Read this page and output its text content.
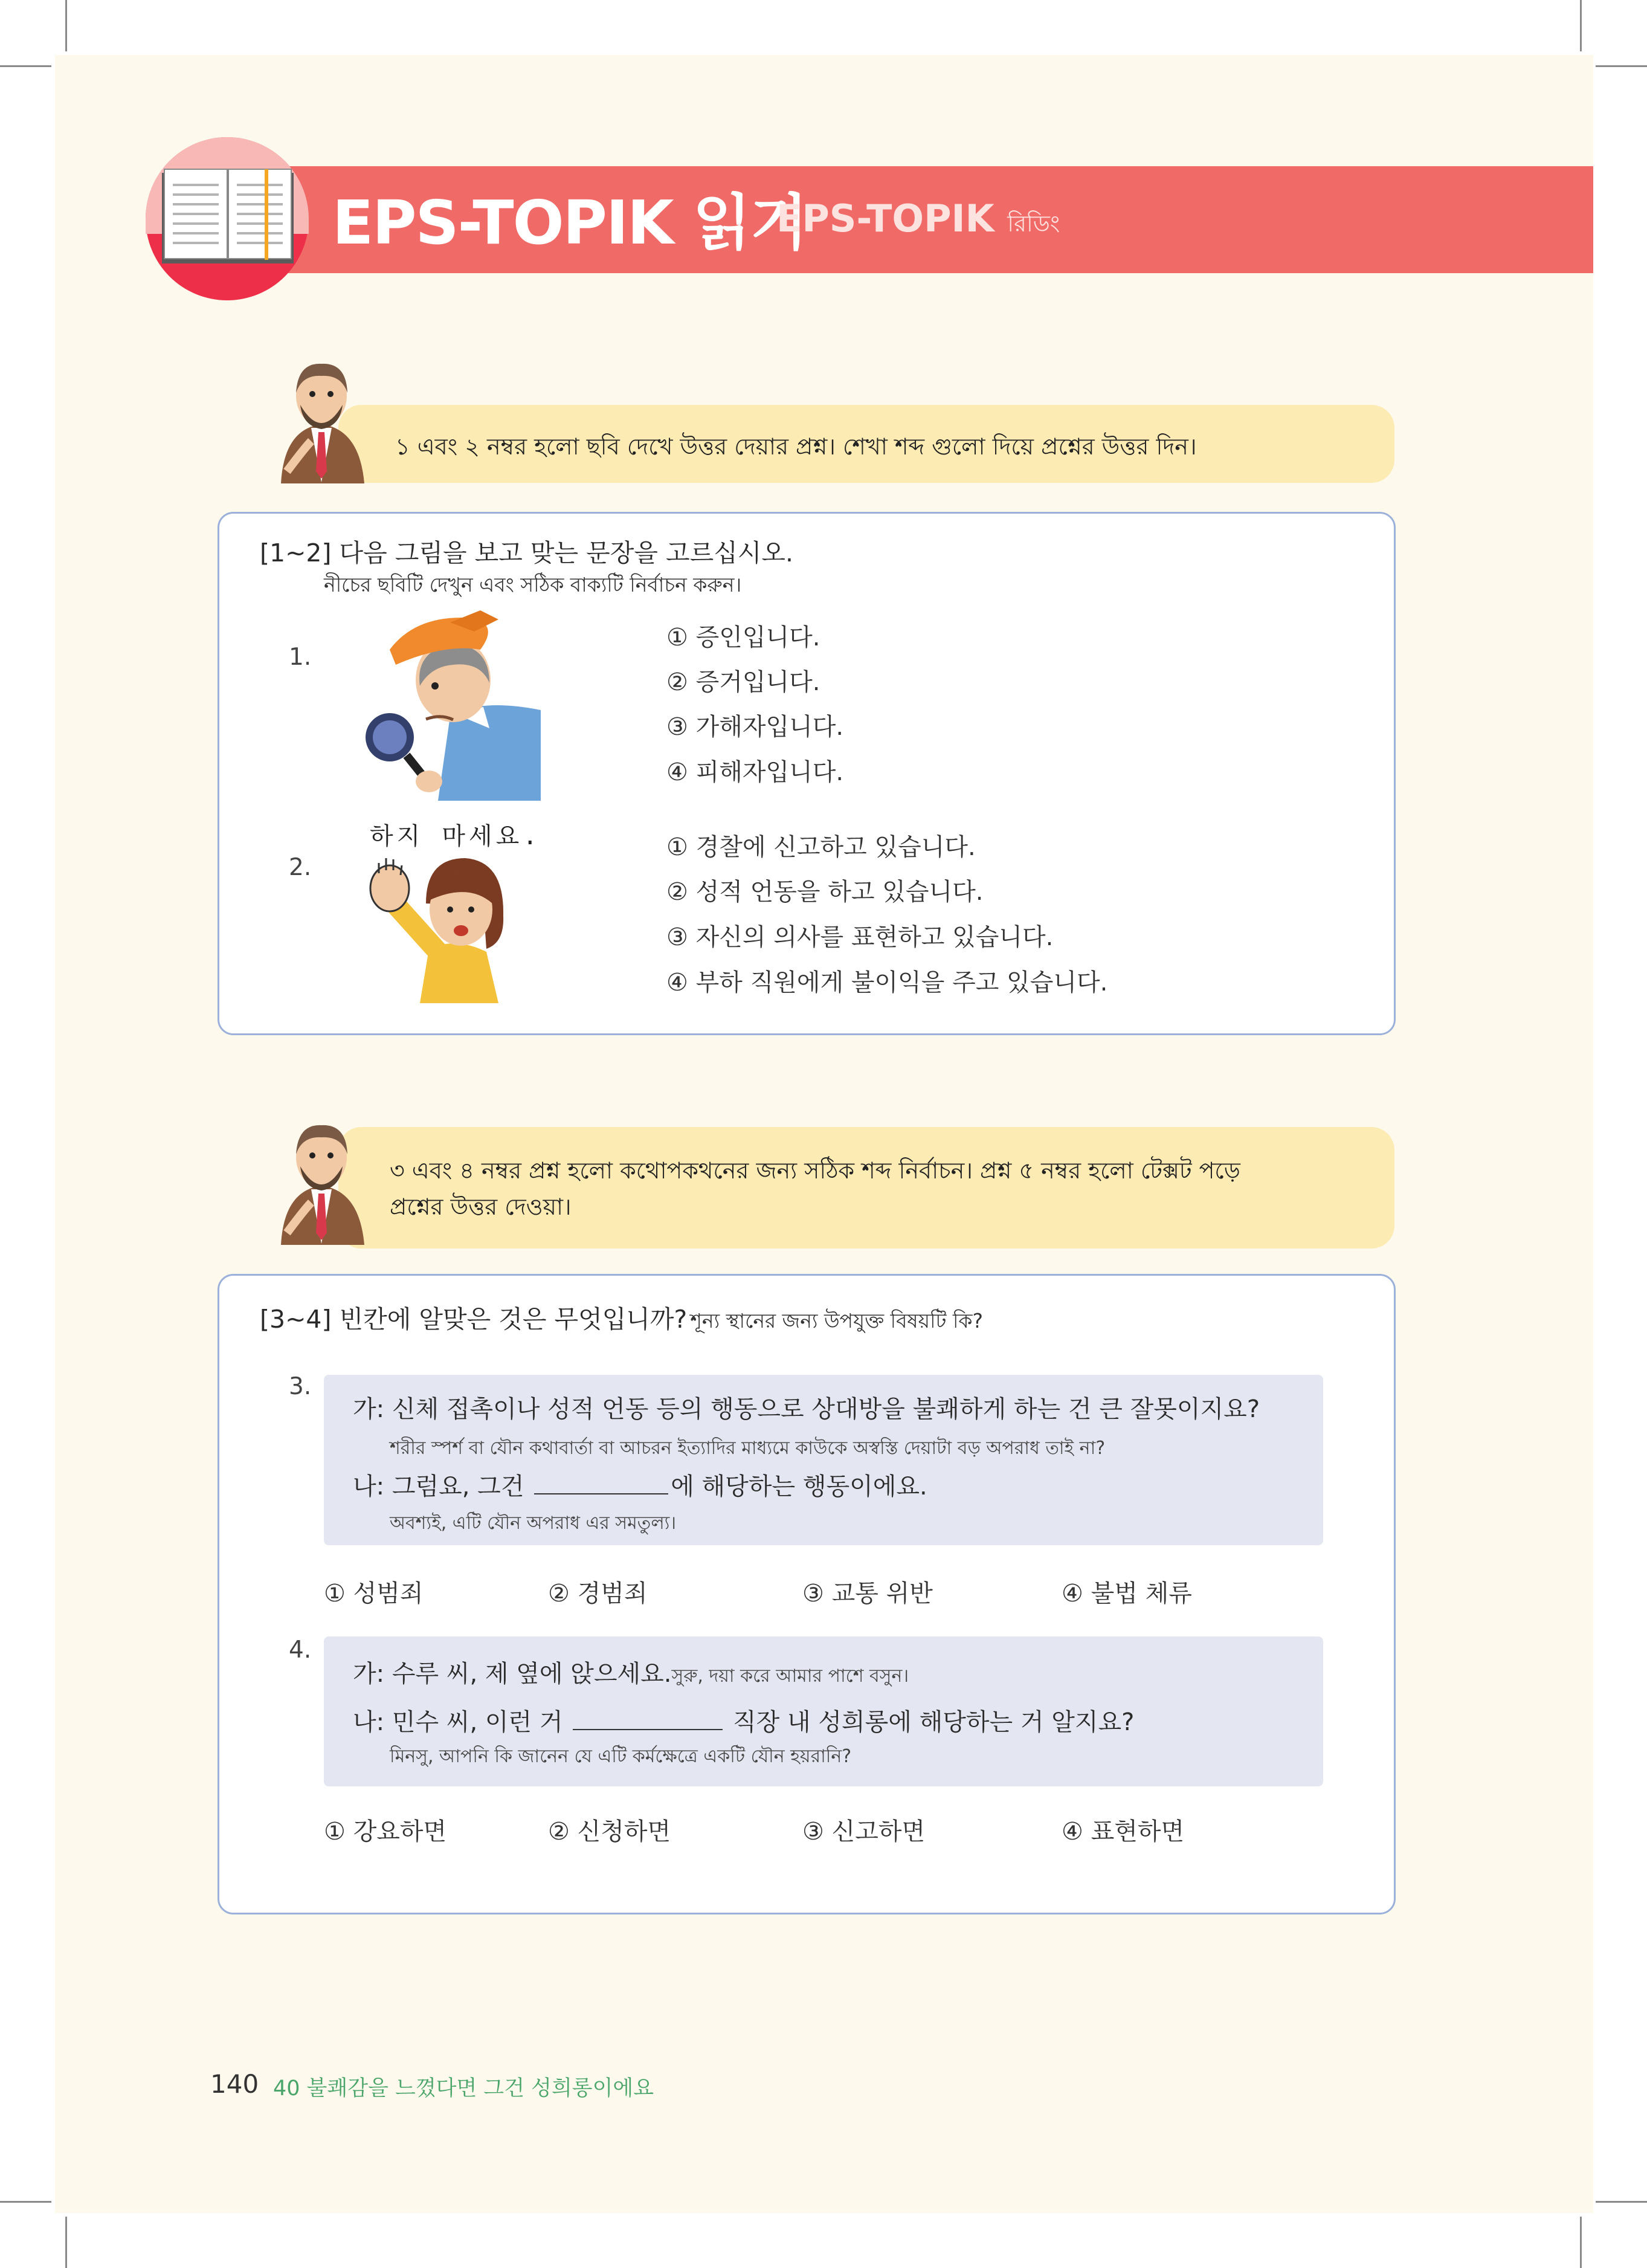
EPS-TOPIK 읽기
EPS-TOPIK রিডিং
১ এবং ২ নম্বর হলো ছবি দেখে উত্তর দেয়ার প্রশ্ন। শেখা শব্দ গুলো দিয়ে প্রশ্নের উত্তর দিন।
[1~2] 다음 그림을 보고 맞는 문장을 고르십시오.
নীচের ছবিটি দেখুন এবং সঠিক বাক্যটি নির্বাচন করুন।
1.
① 증인입니다.
② 증거입니다.
③ 가해자입니다.
④ 피해자입니다.
2.
하지 마세요.	① 경찰에 신고하고 있습니다.
② 성적 언동을 하고 있습니다.
③ 자신의 의사를 표현하고 있습니다.
④ 부하 직원에게 불이익을 주고 있습니다.
৩ এবং ৪ নম্বর প্রশ্ন হলো কথোপকথনের জন্য সঠিক শব্দ নির্বাচন। প্রশ্ন ৫ নম্বর হলো টেক্সট পড়ে
প্রশ্নের উত্তর দেওয়া।
[3~4] 빈칸에 알맞은 것은 무엇입니까? শূন্য স্থানের জন্য উপযুক্ত বিষয়টি কি?
3.
가: 신체 접촉이나 성적 언동 등의 행동으로 상대방을 불쾌하게 하는 건 큰 잘못이지요?
শরীর স্পর্শ বা যৌন কথাবার্তা বা আচরন ইত্যাদির মাধ্যমে কাউকে অস্বস্তি দেয়াটা বড় অপরাধ তাই না?
나: 그럼요, 그건	에 해당하는 행동이에요.
অবশ্যই, এটি যৌন অপরাধ এর সমতুল্য।
① 성범죄	② 경범죄	③ 교통 위반	④ 불법 체류
4.
가: 수루 씨, 제 옆에 앉으세요.সুরু, দয়া করে আমার পাশে বসুন।
나: 민수 씨, 이런 거	직장 내 성희롱에 해당하는 거 알지요?
মিনসু, আপনি কি জানেন যে এটি কর্মক্ষেত্রে একটি যৌন হয়রানি?
① 강요하면	② 신청하면	③ 신고하면	④ 표현하면
140 40 불쾌감을 느꼈다면 그건 성희롱이에요
